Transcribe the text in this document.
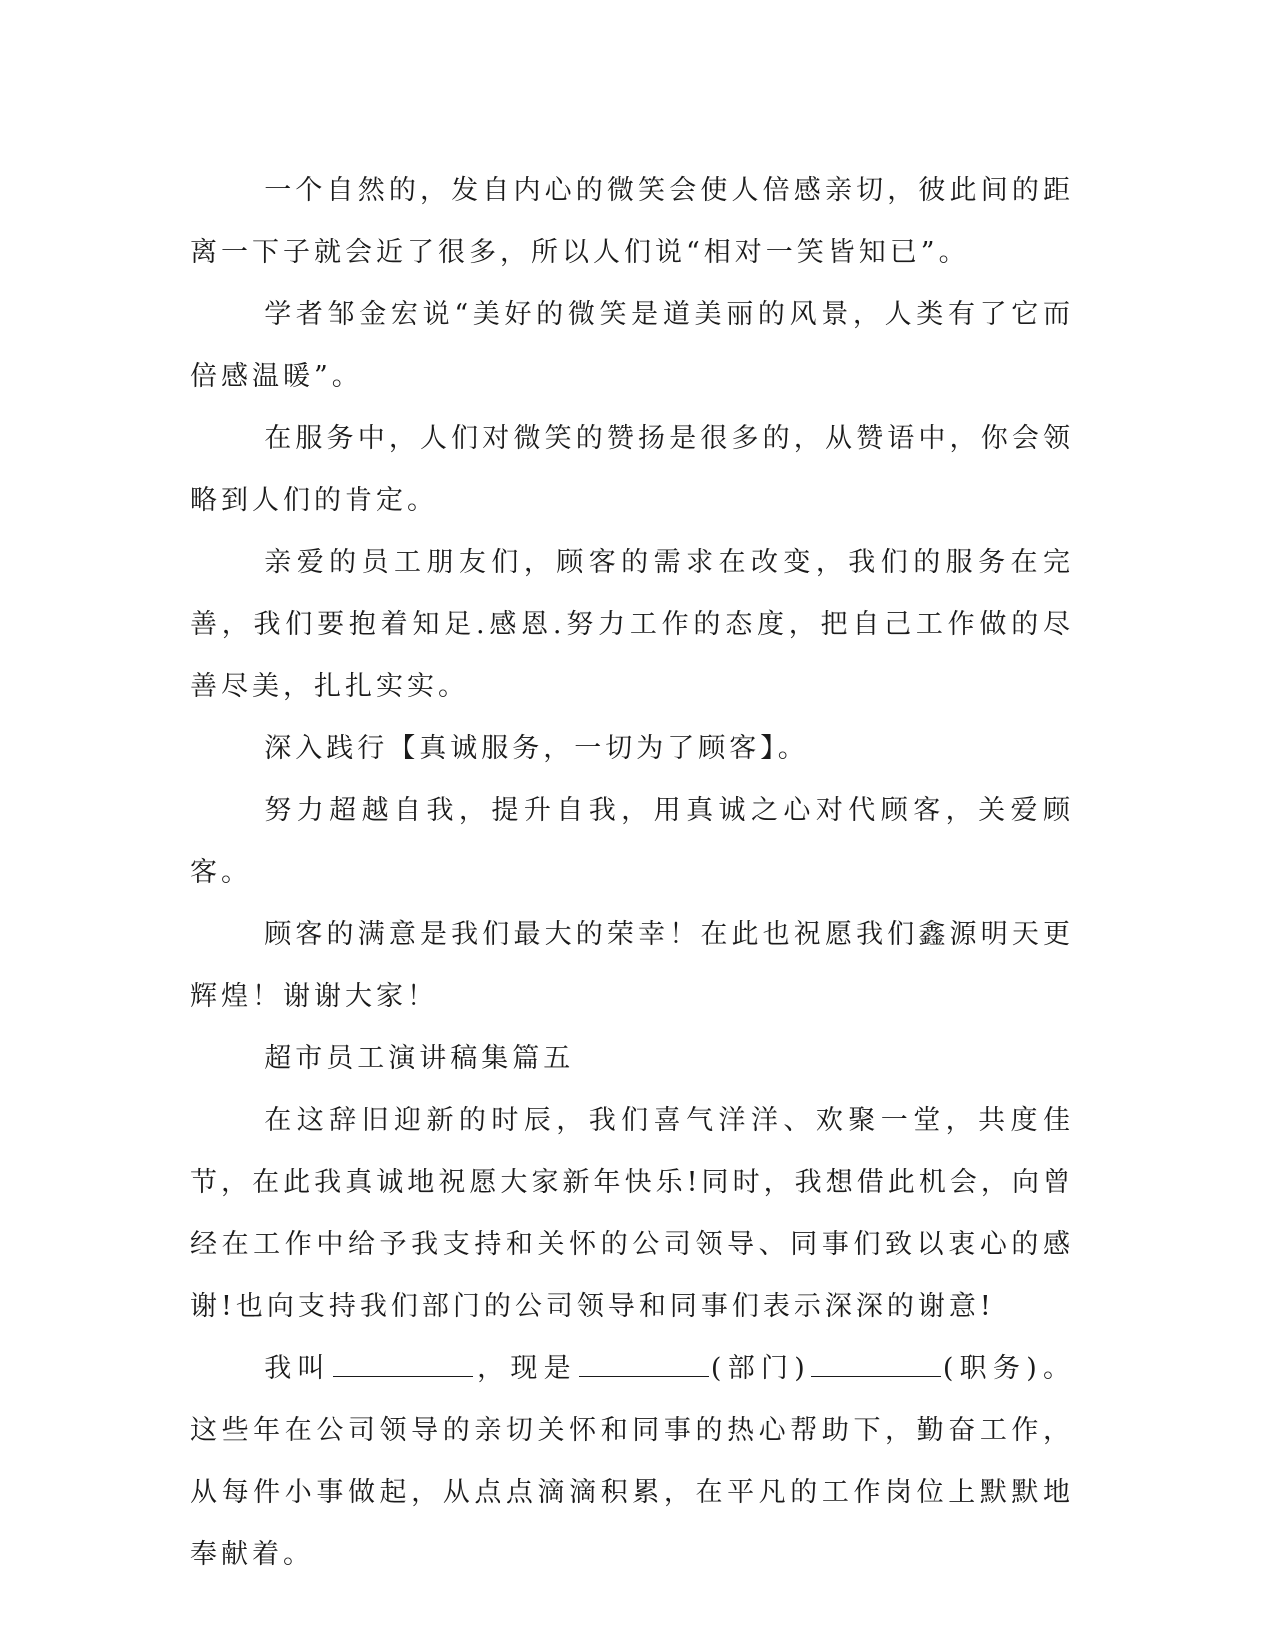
一个自然的，发自内心的微笑会使人倍感亲切，彼此间的距离一下子就会近了很多，所以人们说“相对一笑皆知已”。

学者邹金宏说“美好的微笑是道美丽的风景，人类有了它而倍感温暖”。

在服务中，人们对微笑的赞扬是很多的，从赞语中，你会领略到人们的肯定。

亲爱的员工朋友们，顾客的需求在改变，我们的服务在完善，我们要抱着知足.感恩.努力工作的态度，把自己工作做的尽善尽美，扎扎实实。

深入践行【真诚服务，一切为了顾客】。

努力超越自我，提升自我，用真诚之心对代顾客，关爱顾客。

顾客的满意是我们最大的荣幸！在此也祝愿我们鑫源明天更辉煌！谢谢大家！

超市员工演讲稿集篇五

在这辞旧迎新的时辰，我们喜气洋洋、欢聚一堂，共度佳节，在此我真诚地祝愿大家新年快乐!同时，我想借此机会，向曾经在工作中给予我支持和关怀的公司领导、同事们致以衷心的感谢!也向支持我们部门的公司领导和同事们表示深深的谢意!

我叫	，现是	(部门)	(职务)。这些年在公司领导的亲切关怀和同事的热心帮助下，勤奋工作，从每件小事做起，从点点滴滴积累，在平凡的工作岗位上默默地奉献着。
